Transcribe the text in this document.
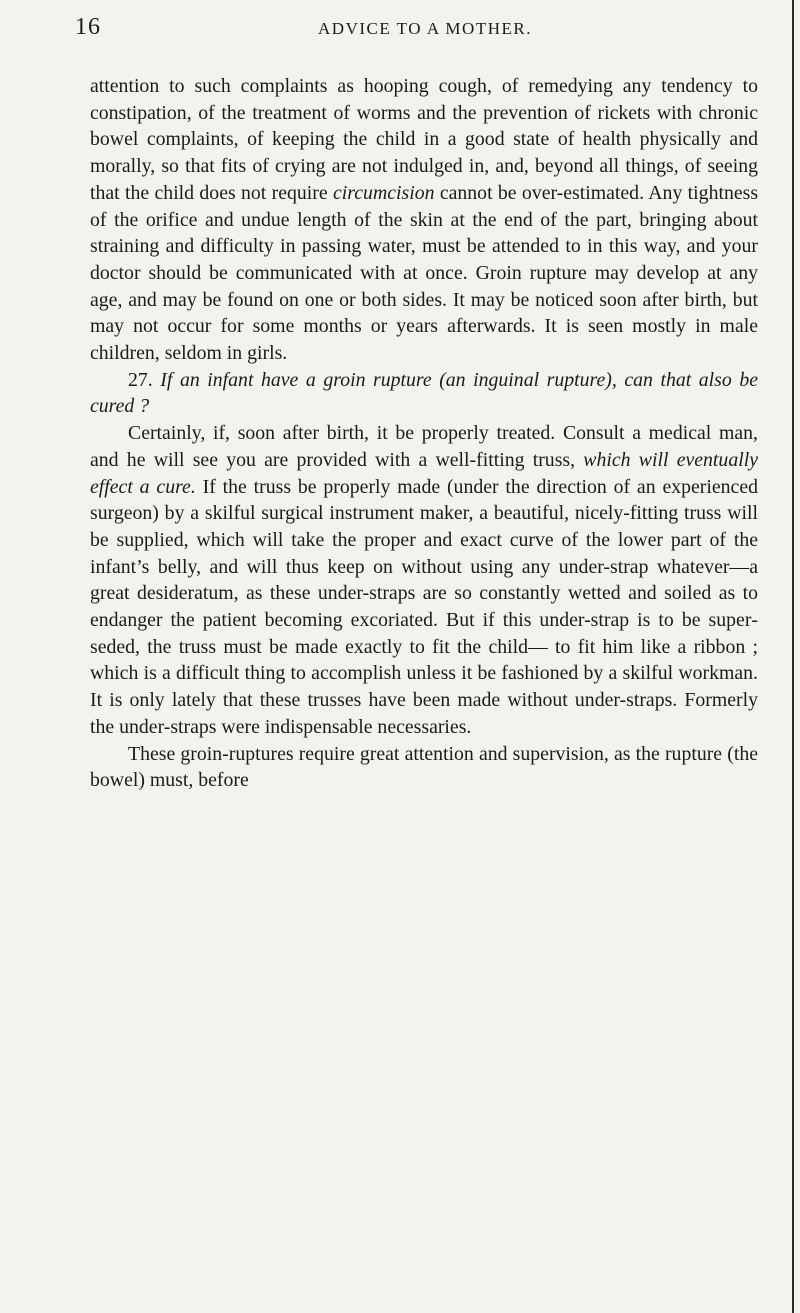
16	ADVICE TO A MOTHER.

attention to such complaints as hooping cough, of remedying any tendency to constipation, of the treatment of worms and the prevention of rickets with chronic bowel complaints, of keeping the child in a good state of health physically and morally, so that fits of crying are not indulged in, and, beyond all things, of seeing that the child does not require circumcision cannot be over-estimated. Any tightness of the orifice and undue length of the skin at the end of the part, bringing about straining and difficulty in passing water, must be attended to in this way, and your doctor should be communicated with at once. Groin rupture may develop at any age, and may be found on one or both sides. It may be noticed soon after birth, but may not occur for some months or years afterwards. It is seen mostly in male children, seldom in girls.

27. If an infant have a groin rupture (an inguinal rupture), can that also be cured ?

Certainly, if, soon after birth, it be properly treated. Consult a medical man, and he will see you are provided with a well-fitting truss, which will eventually effect a cure. If the truss be properly made (under the direction of an experienced surgeon) by a skilful surgical instrument maker, a beautiful, nicely-fitting truss will be supplied, which will take the proper and exact curve of the lower part of the infant’s belly, and will thus keep on without using any under-strap whatever—a great desideratum, as these under-straps are so constantly wetted and soiled as to endanger the patient becoming excoriated. But if this under-strap is to be superseded, the truss must be made exactly to fit the child— to fit him like a ribbon ; which is a difficult thing to accomplish unless it be fashioned by a skilful workman. It is only lately that these trusses have been made without under-straps. Formerly the under-straps were indispensable necessaries.

These groin-ruptures require great attention and supervision, as the rupture (the bowel) must, before
